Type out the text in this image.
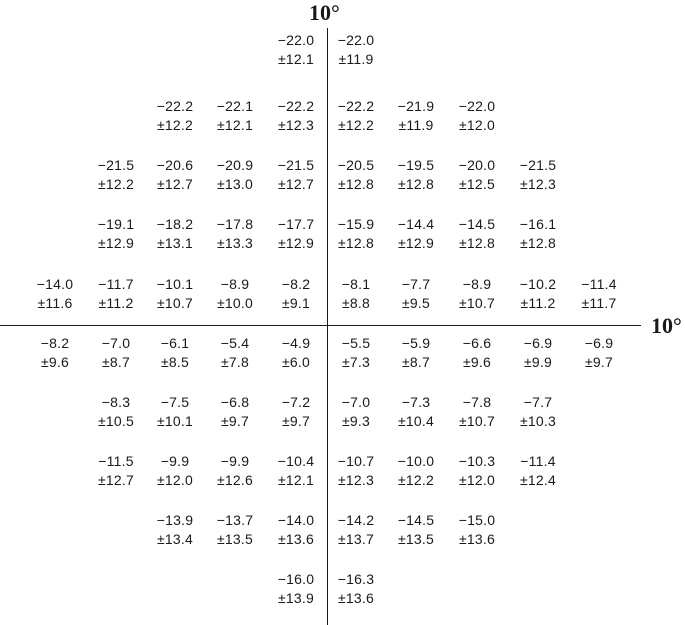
10°
10°
−22.0
±12.1
−22.0
±11.9
−22.2
±12.2
−22.1
±12.1
−22.2
±12.3
−22.2
±12.2
−21.9
±11.9
−22.0
±12.0
−21.5
±12.2
−20.6
±12.7
−20.9
±13.0
−21.5
±12.7
−20.5
±12.8
−19.5
±12.8
−20.0
±12.5
−21.5
±12.3
−19.1
±12.9
−18.2
±13.1
−17.8
±13.3
−17.7
±12.9
−15.9
±12.8
−14.4
±12.9
−14.5
±12.8
−16.1
±12.8
−14.0
±11.6
−11.7
±11.2
−10.1
±10.7
−8.9
±10.0
−8.2
±9.1
−8.1
±8.8
−7.7
±9.5
−8.9
±10.7
−10.2
±11.2
−11.4
±11.7
−8.2
±9.6
−7.0
±8.7
−6.1
±8.5
−5.4
±7.8
−4.9
±6.0
−5.5
±7.3
−5.9
±8.7
−6.6
±9.6
−6.9
±9.9
−6.9
±9.7
−8.3
±10.5
−7.5
±10.1
−6.8
±9.7
−7.2
±9.7
−7.0
±9.3
−7.3
±10.4
−7.8
±10.7
−7.7
±10.3
−11.5
±12.7
−9.9
±12.0
−9.9
±12.6
−10.4
±12.1
−10.7
±12.3
−10.0
±12.2
−10.3
±12.0
−11.4
±12.4
−13.9
±13.4
−13.7
±13.5
−14.0
±13.6
−14.2
±13.7
−14.5
±13.5
−15.0
±13.6
−16.0
±13.9
−16.3
±13.6
